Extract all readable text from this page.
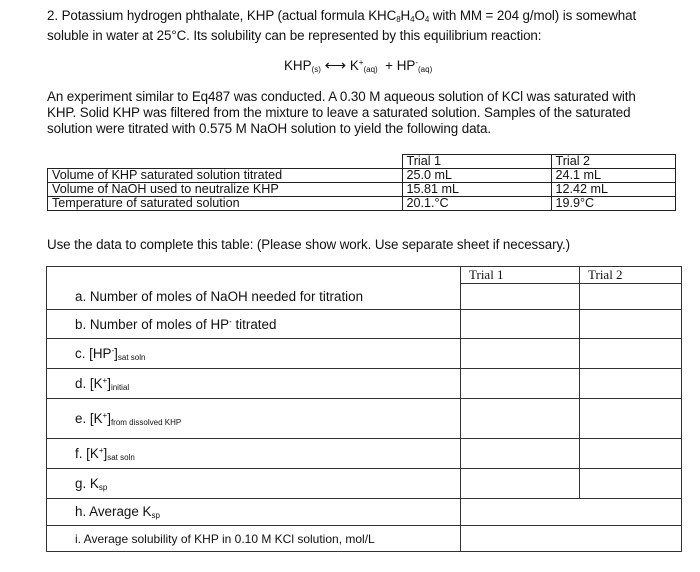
2. Potassium hydrogen phthalate, KHP (actual formula $KHC_8H_4O_4$ with MM = 204 g/mol) is somewhat
soluble in water at 25°C. Its solubility can be represented by this equilibrium reaction:
$KHP_{(s)}$ ⟷ $K^+_{(aq)} + HP^-_{(aq)}$
An experiment similar to Eq487 was conducted. A 0.30 M aqueous solution of KCl was saturated with
KHP. Solid KHP was filtered from the mixture to leave a saturated solution. Samples of the saturated
solution were titrated with 0.575 M NaOH solution to yield the following data.
	Trial 1	Trial 2
Volume of KHP saturated solution titrated	25.0 mL	24.1 mL
Volume of NaOH used to neutralize KHP	15.81 mL	12.42 mL
Temperature of saturated solution	20.1.°C	19.9°C
Use the data to complete this table: (Please show work. Use separate sheet if necessary.)
	Trial 1	Trial 2
a. Number of moles of NaOH needed for titration		
b. Number of moles of HP- titrated		
c. $[HP^-]_{sat soln}$		
d. $[K^+]_{initial}$		
e. $[K^+]_{from dissolved KHP}$		
f. $[K^+]_{sat soln}$		
g. $K_{sp}$		
h. Average $K_{sp}$	
i. Average solubility of KHP in 0.10 M KCl solution, mol/L		
